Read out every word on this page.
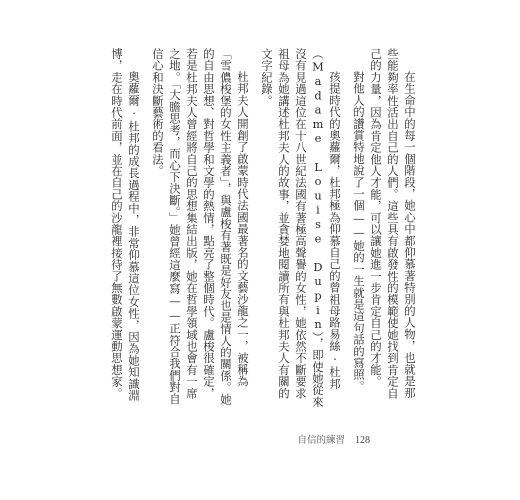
在生命中的每一個階段，她心中都仰慕著特別的人物，也就是那些能夠率性活出自己的人們。這些具有啟發性的模範使她找到肯定自己的力量，因為肯定他人才能，可以讓她進一步肯定自己的才能。

對他人的讚賞特地說了一個——她的一生就是這句話的寫照。

孩提時代的奧蘿爾，杜邦極為仰慕自己的曾祖母路易絲·杜邦（Madame Louise Dupin），即使她從來沒有見過這位在十八世紀法國有著極高聲譽的女性，她依然不斷要求祖母為她講述杜邦夫人的故事，並貪婪地閱讀所有與杜邦夫人有關的文字紀錄。

杜邦夫人開創了啟蒙時代法國最著名的文藝沙龍之一，被稱為「雪儂梭堡的女性主義者」，與盧梭有著既是好友也是情人的關係。她的自由思想、對哲學和文學的熱情，點亮了整個時代。盧梭很確定，若是杜邦夫人曾經將自己的思想集結出版，她在哲學領域也會有一席之地。「大膽思考，而心下決斷。」她曾經這麼寫——正符合我們對自信心和決斷藝術的看法。

奧蘿爾·杜邦的成長過程中，非常仰慕這位女性，因為她知識淵博，走在時代前面，並在自己的沙龍裡接待了無數啟蒙運動思想家。

自信的練習 128
